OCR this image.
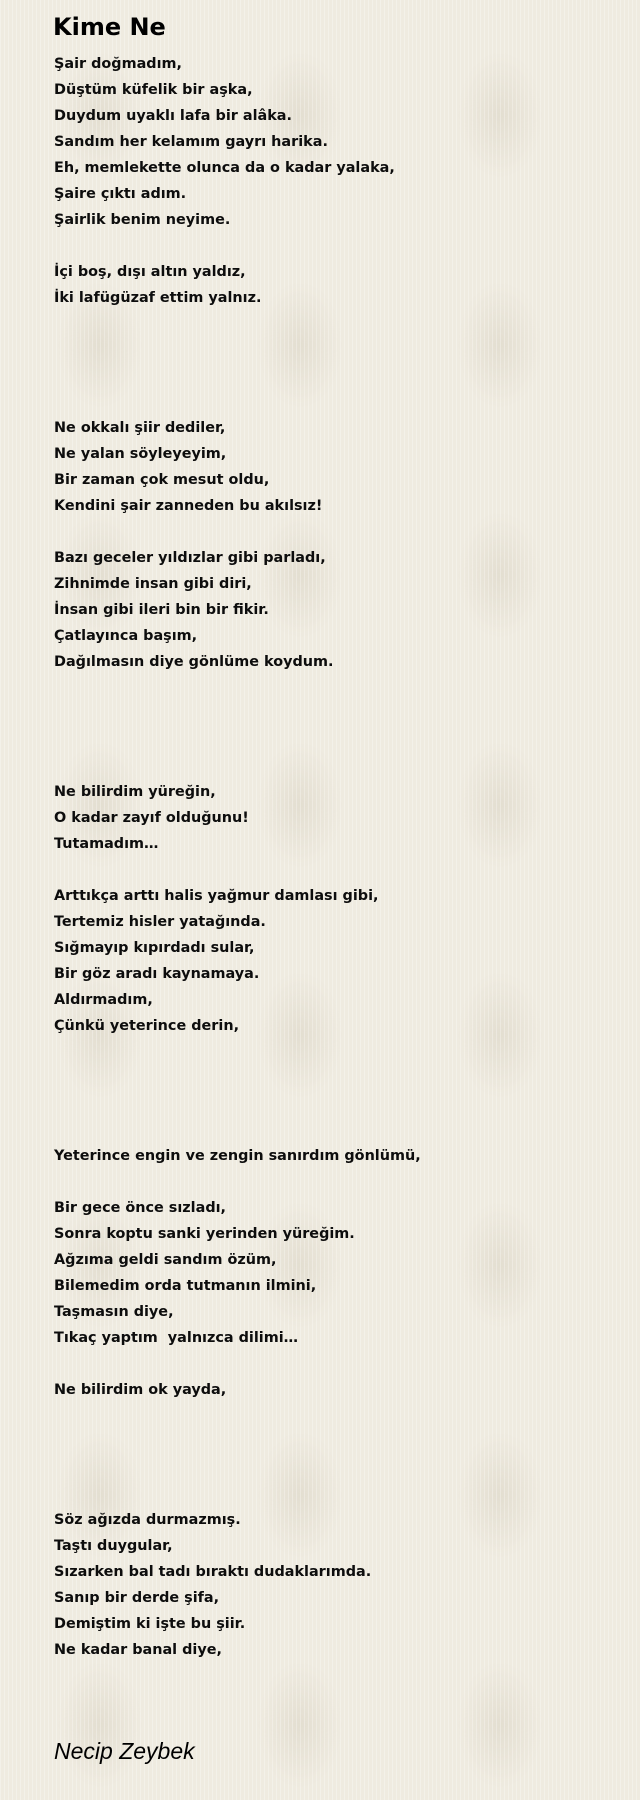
Kime Ne
Şair doğmadım,
Düştüm küfelik bir aşka,
Duydum uyaklı lafa bir alâka.
Sandım her kelamım gayrı harika.
Eh, memlekette olunca da o kadar yalaka,
Şaire çıktı adım.
Şairlik benim neyime.
İçi boş, dışı altın yaldız,
İki lafügüzaf ettim yalnız.
Ne okkalı şiir dediler,
Ne yalan söyleyeyim,
Bir zaman çok mesut oldu,
Kendini şair zanneden bu akılsız!
Bazı geceler yıldızlar gibi parladı,
Zihnimde insan gibi diri,
İnsan gibi ileri bin bir fikir.
Çatlayınca başım,
Dağılmasın diye gönlüme koydum.
Ne bilirdim yüreğin,
O kadar zayıf olduğunu!
Tutamadım…
Arttıkça arttı halis yağmur damlası gibi,
Tertemiz hisler yatağında.
Sığmayıp kıpırdadı sular,
Bir göz aradı kaynamaya.
Aldırmadım,
Çünkü yeterince derin,
Yeterince engin ve zengin sanırdım gönlümü,
Bir gece önce sızladı,
Sonra koptu sanki yerinden yüreğim.
Ağzıma geldi sandım özüm,
Bilemedim orda tutmanın ilmini,
Taşmasın diye,
Tıkaç yaptım  yalnızca dilimi…
Ne bilirdim ok yayda,
Söz ağızda durmazmış.
Taştı duygular,
Sızarken bal tadı bıraktı dudaklarımda.
Sanıp bir derde şifa,
Demiştim ki işte bu şiir.
Ne kadar banal diye,
Necip Zeybek
